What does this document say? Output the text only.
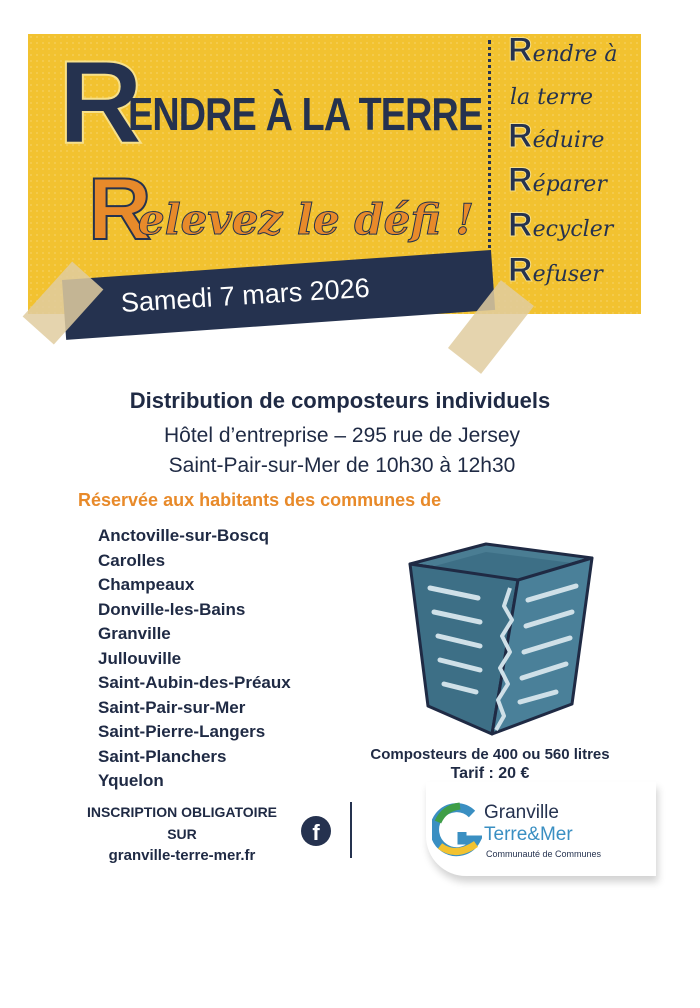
R
ENDRE À LA TERRE
R
elevez le défi !
Rendre à
la terre
Réduire
Réparer
Recycler
Refuser
Samedi 7 mars 2026
Distribution de composteurs individuels
Hôtel d’entreprise – 295 rue de Jersey
Saint-Pair-sur-Mer de 10h30 à 12h30
Réservée aux habitants des communes de
Anctoville-sur-Boscq
Carolles
Champeaux
Donville-les-Bains
Granville
Jullouville
Saint-Aubin-des-Préaux
Saint-Pair-sur-Mer
Saint-Pierre-Langers
Saint-Planchers
Yquelon
Composteurs de 400 ou 560 litres
Tarif : 20 €
INSCRIPTION OBLIGATOIRE
SUR
granville-terre-mer.fr
f
Granville
Terre&Mer
Communauté de Communes
